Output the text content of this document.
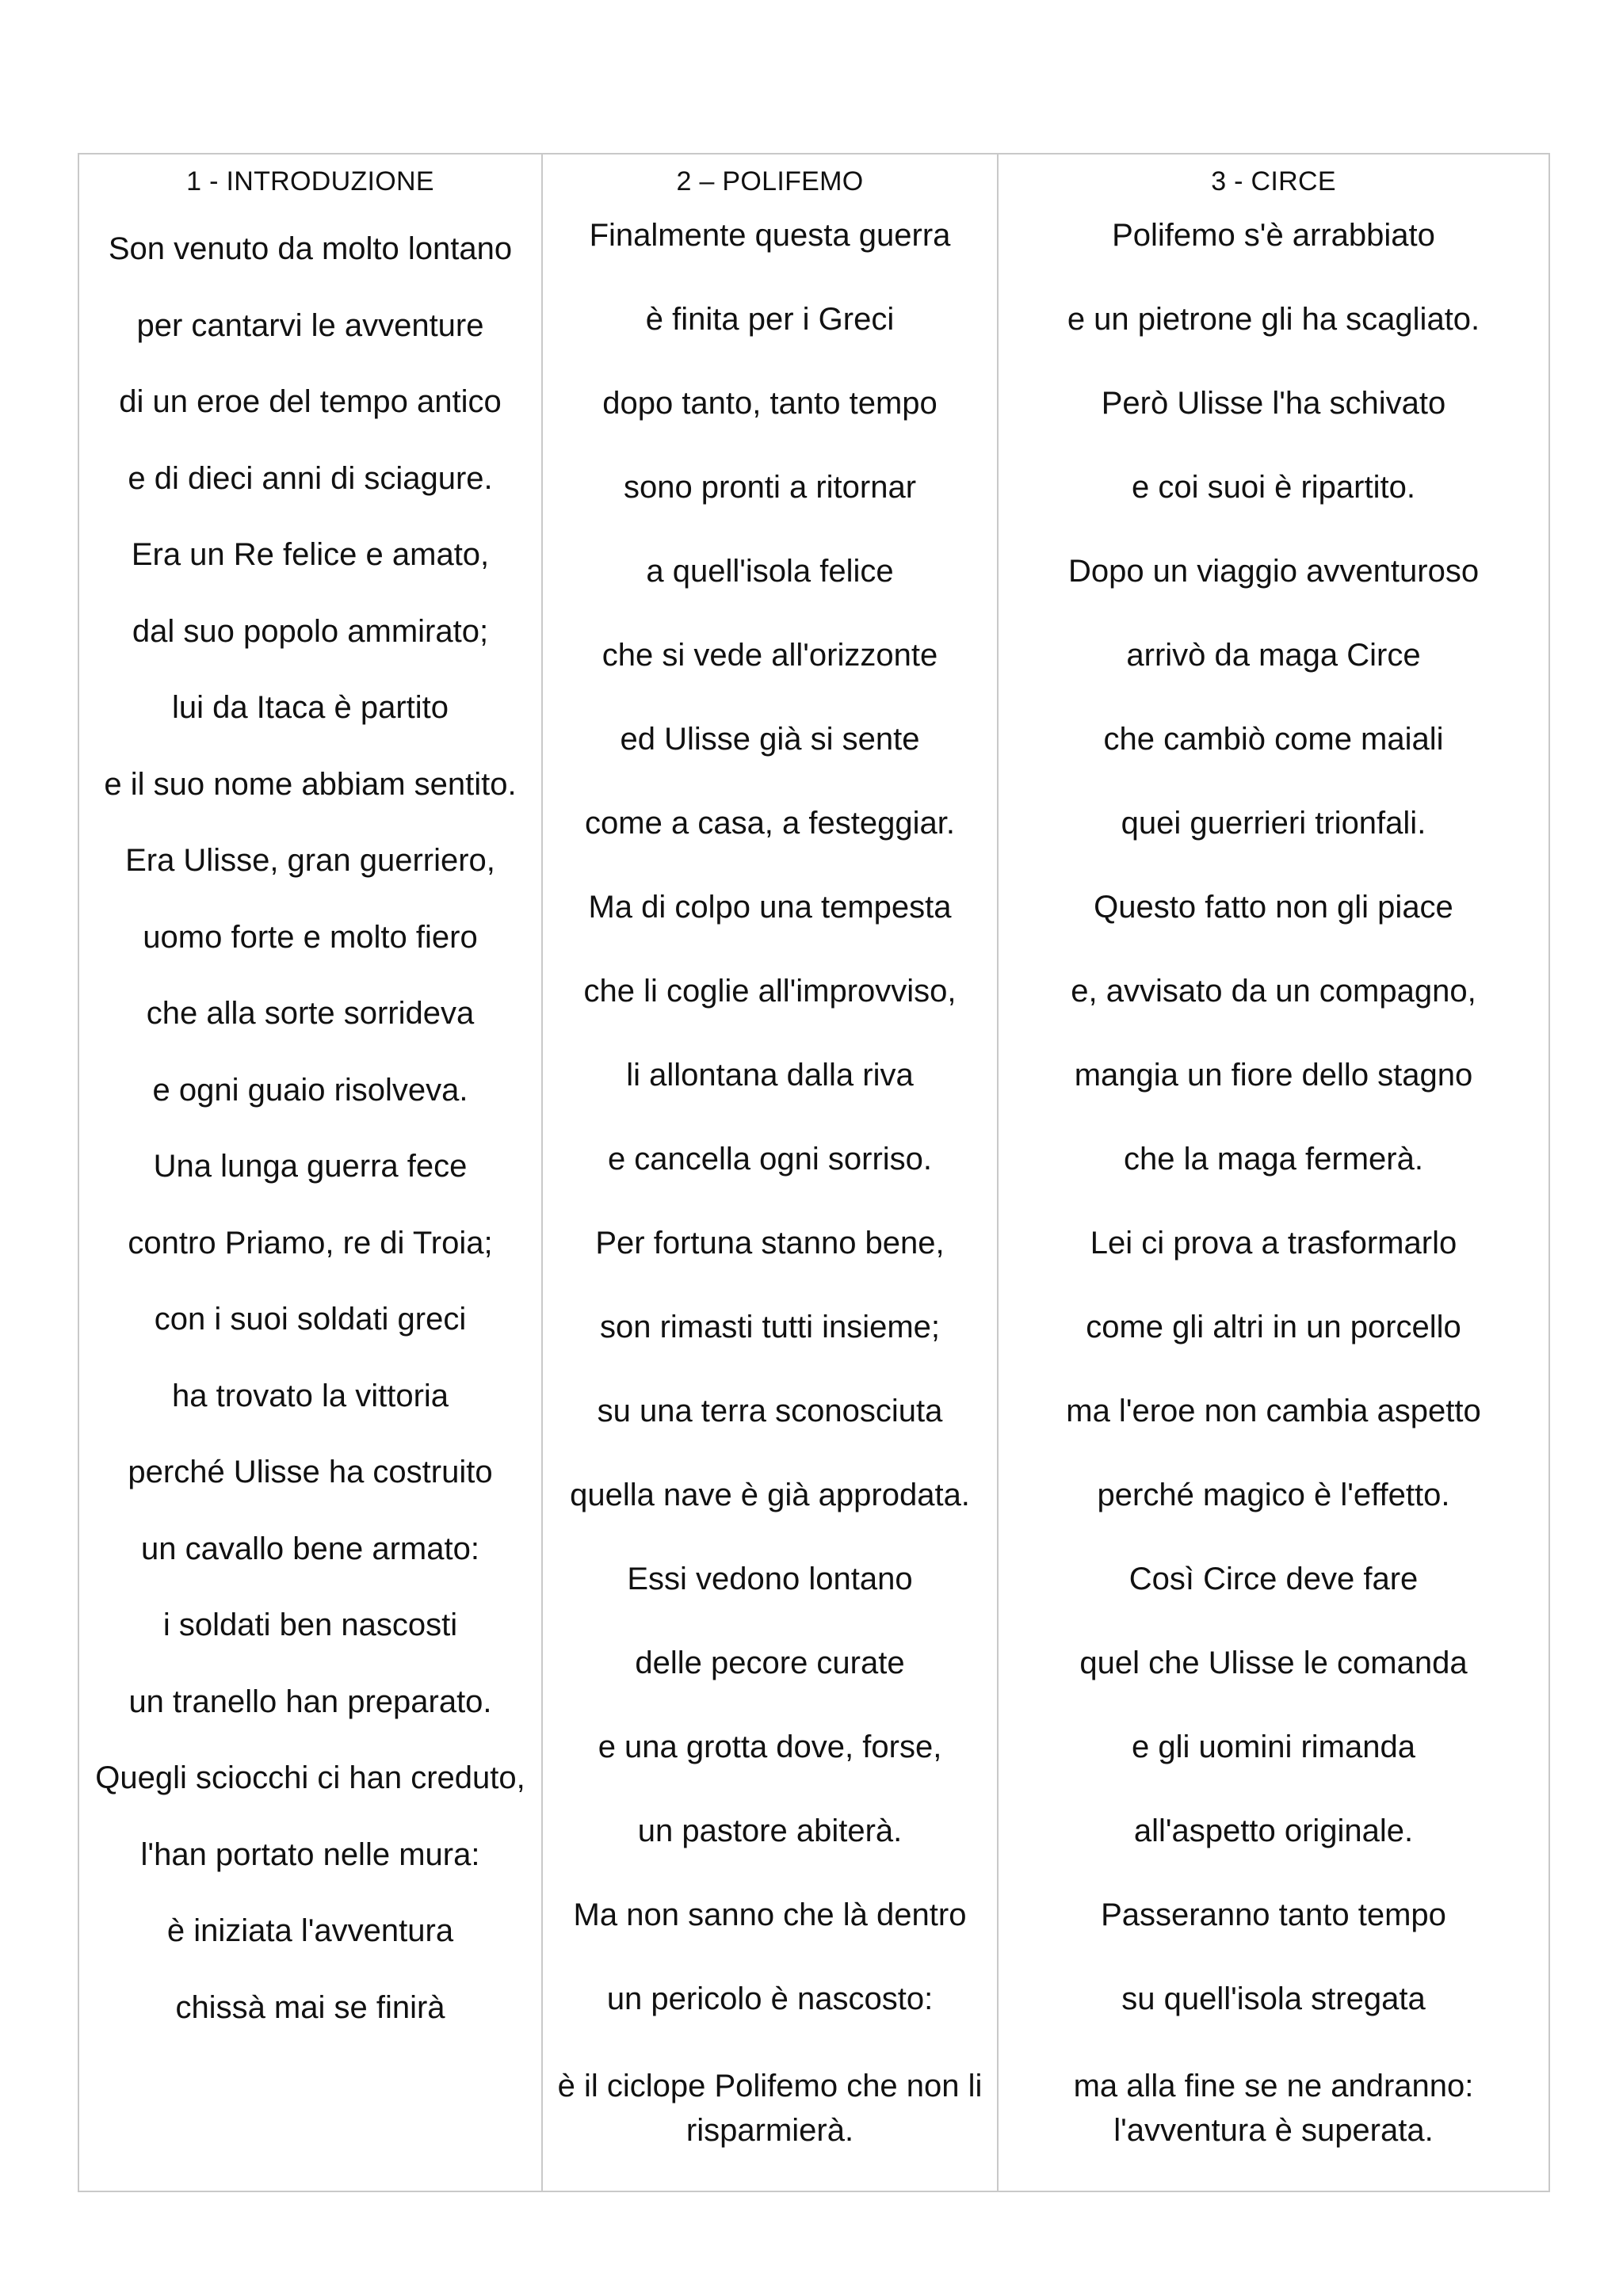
1 - INTRODUZIONE
Son venuto da molto lontano
per cantarvi le avventure
di un eroe del tempo antico
e di dieci anni di sciagure.
Era un Re felice e amato,
dal suo popolo ammirato;
lui da Itaca è partito
e il suo nome abbiam sentito.
Era Ulisse, gran guerriero,
uomo forte e molto fiero
che alla sorte sorrideva
e ogni guaio risolveva.
Una lunga guerra fece
contro Priamo, re di Troia;
con i suoi soldati greci
ha trovato la vittoria
perché Ulisse ha costruito
un cavallo bene armato:
i soldati ben nascosti
un tranello han preparato.
Quegli sciocchi ci han creduto,
l'han portato nelle mura:
è iniziata l'avventura
chissà mai se finirà
2 – POLIFEMO
Finalmente questa guerra
è finita per i Greci
dopo tanto, tanto tempo
sono pronti a ritornar
a quell'isola felice
che si vede all'orizzonte
ed Ulisse già si sente
come a casa, a festeggiar.
Ma di colpo una tempesta
che li coglie all'improvviso,
li allontana dalla riva
e cancella ogni sorriso.
Per fortuna stanno bene,
son rimasti tutti insieme;
su una terra sconosciuta
quella nave è già approdata.
Essi vedono lontano
delle pecore curate
e una grotta dove, forse,
un pastore abiterà.
Ma non sanno che là dentro
un pericolo è nascosto:
è il ciclope Polifemo che non li risparmierà.
3 - CIRCE
Polifemo s'è arrabbiato
e un pietrone gli ha scagliato.
Però Ulisse l'ha schivato
e coi suoi è ripartito.
Dopo un viaggio avventuroso
arrivò da maga Circe
che cambiò come maiali
quei guerrieri trionfali.
Questo fatto non gli piace
e, avvisato da un compagno,
mangia un fiore dello stagno
che la maga fermerà.
Lei ci prova a trasformarlo
come gli altri in un porcello
ma l'eroe non cambia aspetto
perché magico è l'effetto.
Così Circe deve fare
quel che Ulisse le comanda
e gli uomini rimanda
all'aspetto originale.
Passeranno tanto tempo
su quell'isola stregata
ma alla fine se ne andranno: l'avventura è superata.
